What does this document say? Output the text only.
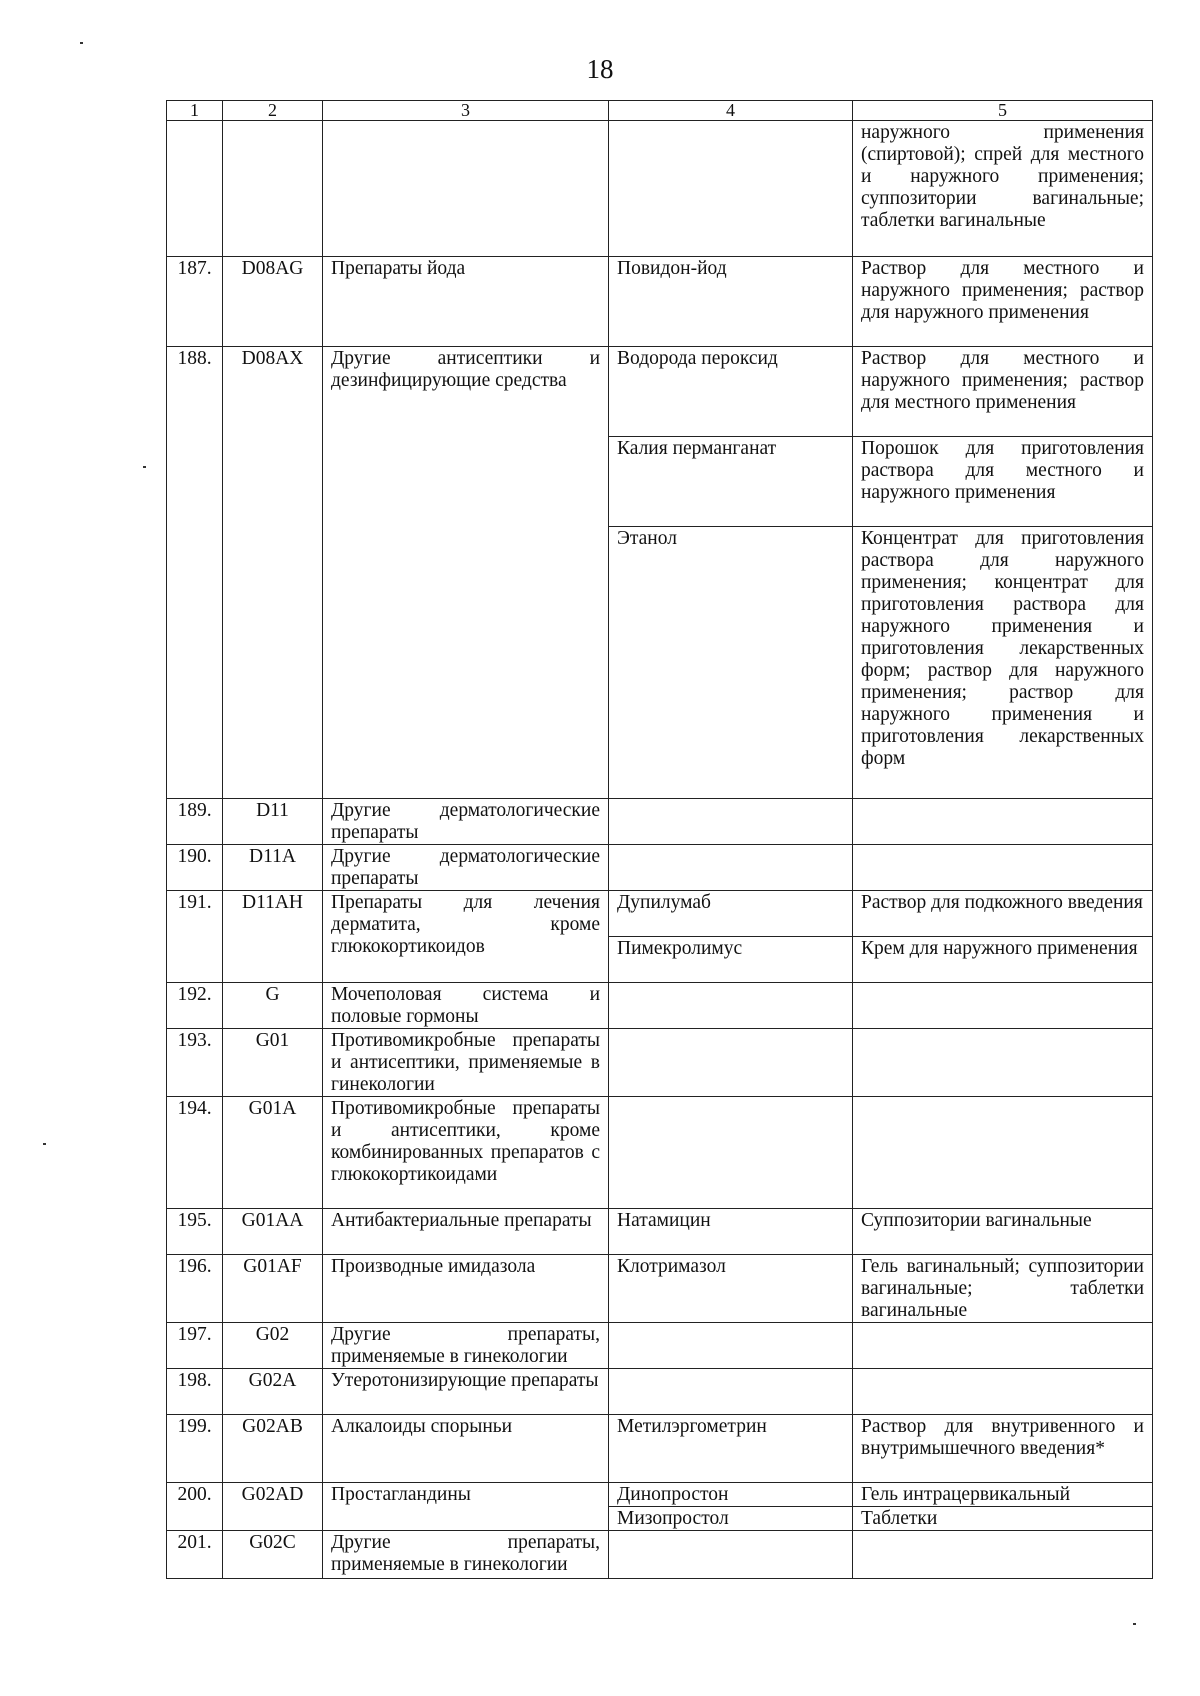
18
1	2	3	4	5
				наружного применения (спиртовой); спрей для местного и наружного применения; суппозитории вагинальные; таблетки вагинальные
187.	D08AG	Препараты йода	Повидон-йод	Раствор для местного и наружного применения; раствор для наружного применения
188.	D08AX	Другие антисептики и дезинфицирующие средства	Водорода пероксид	Раствор для местного и наружного применения; раствор для местного применения
			Калия перманганат	Порошок для приготовления раствора для местного и наружного применения
			Этанол	Концентрат для приготовления раствора для наружного применения; концентрат для приготовления раствора для наружного применения и приготовления лекарственных форм; раствор для наружного применения; раствор для наружного применения и приготовления лекарственных форм
189.	D11	Другие дерматологические препараты		
190.	D11A	Другие дерматологические препараты		
191.	D11AH	Препараты для лечения дерматита, кроме глюкокортикоидов	Дупилумаб	Раствор для подкожного введения
			Пимекролимус	Крем для наружного применения
192.	G	Мочеполовая система и половые гормоны		
193.	G01	Противомикробные препараты и антисептики, применяемые в гинекологии		
194.	G01A	Противомикробные препараты и антисептики, кроме комбинированных препаратов с глюкокортикоидами		
195.	G01AA	Антибактериальные препараты	Натамицин	Суппозитории вагинальные
196.	G01AF	Производные имидазола	Клотримазол	Гель вагинальный; суппозитории вагинальные; таблетки вагинальные
197.	G02	Другие препараты, применяемые в гинекологии		
198.	G02A	Утеротонизирующие препараты		
199.	G02AB	Алкалоиды спорыньи	Метилэргометрин	Раствор для внутривенного и внутримышечного введения*
200.	G02AD	Простагландины	Динопростон	Гель интрацервикальный
			Мизопростол	Таблетки
201.	G02C	Другие препараты, применяемые в гинекологии		
